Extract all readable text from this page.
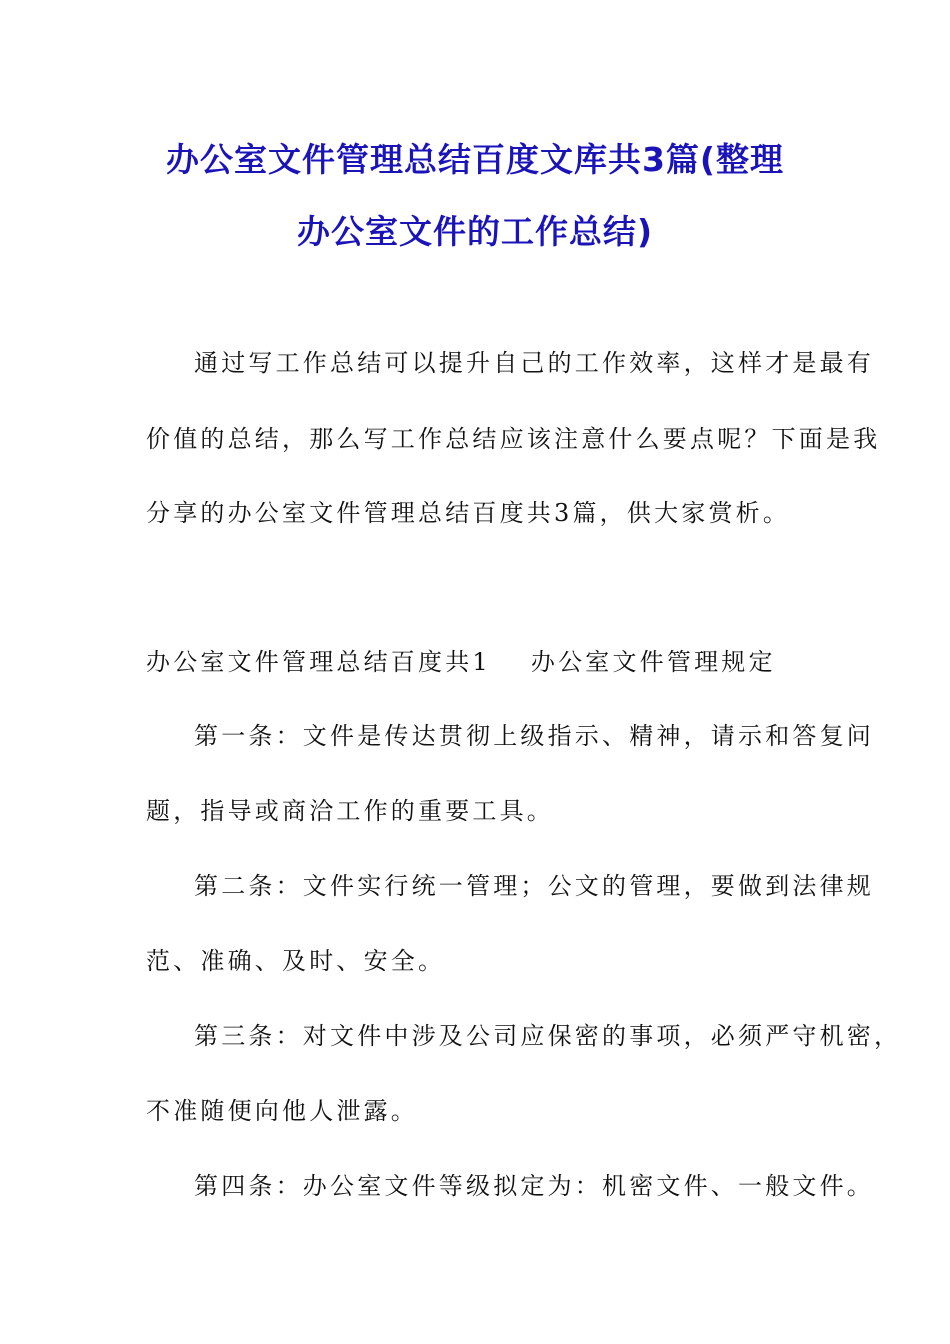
办公室文件管理总结百度文库共3篇(整理
办公室文件的工作总结)
通过写工作总结可以提升自己的工作效率，这样才是最有
价值的总结，那么写工作总结应该注意什么要点呢？下面是我
分享的办公室文件管理总结百度共3篇，供大家赏析。
办公室文件管理总结百度共1 办公室文件管理规定
第一条：文件是传达贯彻上级指示、精神，请示和答复问
题，指导或商洽工作的重要工具。
第二条：文件实行统一管理；公文的管理，要做到法律规
范、准确、及时、安全。
第三条：对文件中涉及公司应保密的事项，必须严守机密，
不准随便向他人泄露。
第四条：办公室文件等级拟定为：机密文件、一般文件。
